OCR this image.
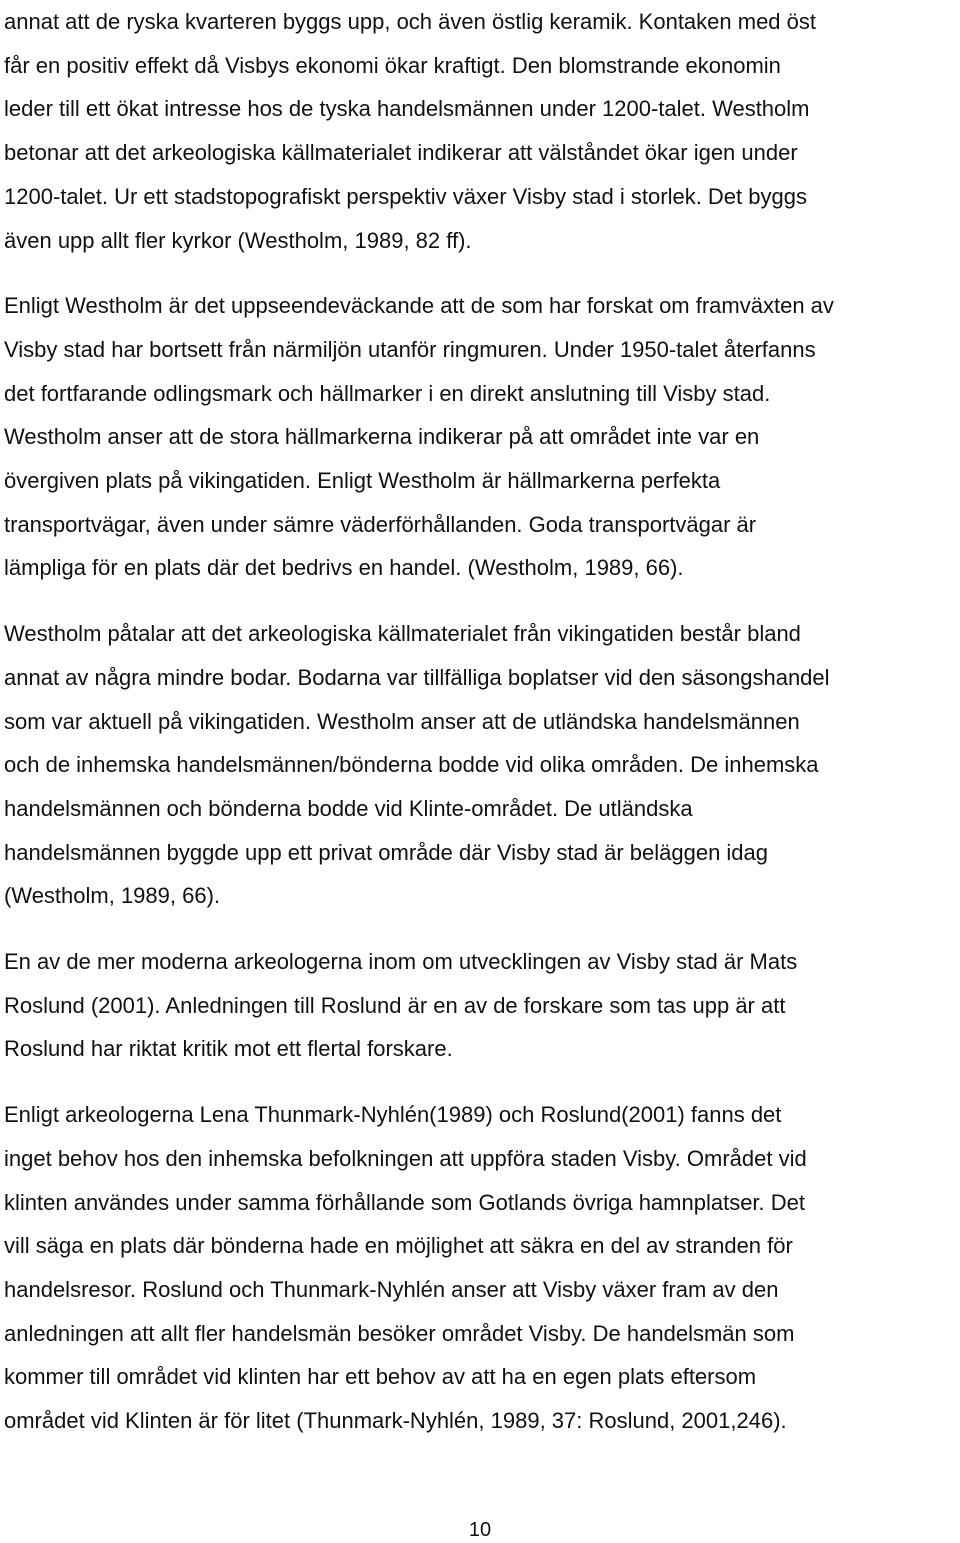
annat att de ryska kvarteren byggs upp, och även östlig keramik. Kontaken med öst
får en positiv effekt då Visbys ekonomi ökar kraftigt. Den blomstrande ekonomin
leder till ett ökat intresse hos de tyska handelsmännen under 1200-talet. Westholm
betonar att det arkeologiska källmaterialet indikerar att välståndet ökar igen under
1200-talet. Ur ett stadstopografiskt perspektiv växer Visby stad i storlek. Det byggs
även upp allt fler kyrkor (Westholm, 1989, 82 ff).

Enligt Westholm är det uppseendeväckande att de som har forskat om framväxten av
Visby stad har bortsett från närmiljön utanför ringmuren. Under 1950-talet återfanns
det fortfarande odlingsmark och hällmarker i en direkt anslutning till Visby stad.
Westholm anser att de stora hällmarkerna indikerar på att området inte var en
övergiven plats på vikingatiden. Enligt Westholm är hällmarkerna perfekta
transportvägar, även under sämre väderförhållanden. Goda transportvägar är
lämpliga för en plats där det bedrivs en handel. (Westholm, 1989, 66).

Westholm påtalar att det arkeologiska källmaterialet från vikingatiden består bland
annat av några mindre bodar. Bodarna var tillfälliga boplatser vid den säsongshandel
som var aktuell på vikingatiden. Westholm anser att de utländska handelsmännen
och de inhemska handelsmännen/bönderna bodde vid olika områden. De inhemska
handelsmännen och bönderna bodde vid Klinte-området. De utländska
handelsmännen byggde upp ett privat område där Visby stad är beläggen idag
(Westholm, 1989, 66).

En av de mer moderna arkeologerna inom om utvecklingen av Visby stad är Mats
Roslund (2001). Anledningen till Roslund är en av de forskare som tas upp är att
Roslund har riktat kritik mot ett flertal forskare.

Enligt arkeologerna Lena Thunmark-Nyhlén(1989) och Roslund(2001) fanns det
inget behov hos den inhemska befolkningen att uppföra staden Visby. Området vid
klinten användes under samma förhållande som Gotlands övriga hamnplatser. Det
vill säga en plats där bönderna hade en möjlighet att säkra en del av stranden för
handelsresor. Roslund och Thunmark-Nyhlén anser att Visby växer fram av den
anledningen att allt fler handelsmän besöker området Visby. De handelsmän som
kommer till området vid klinten har ett behov av att ha en egen plats eftersom
området vid Klinten är för litet (Thunmark-Nyhlén, 1989, 37: Roslund, 2001,246).

10
